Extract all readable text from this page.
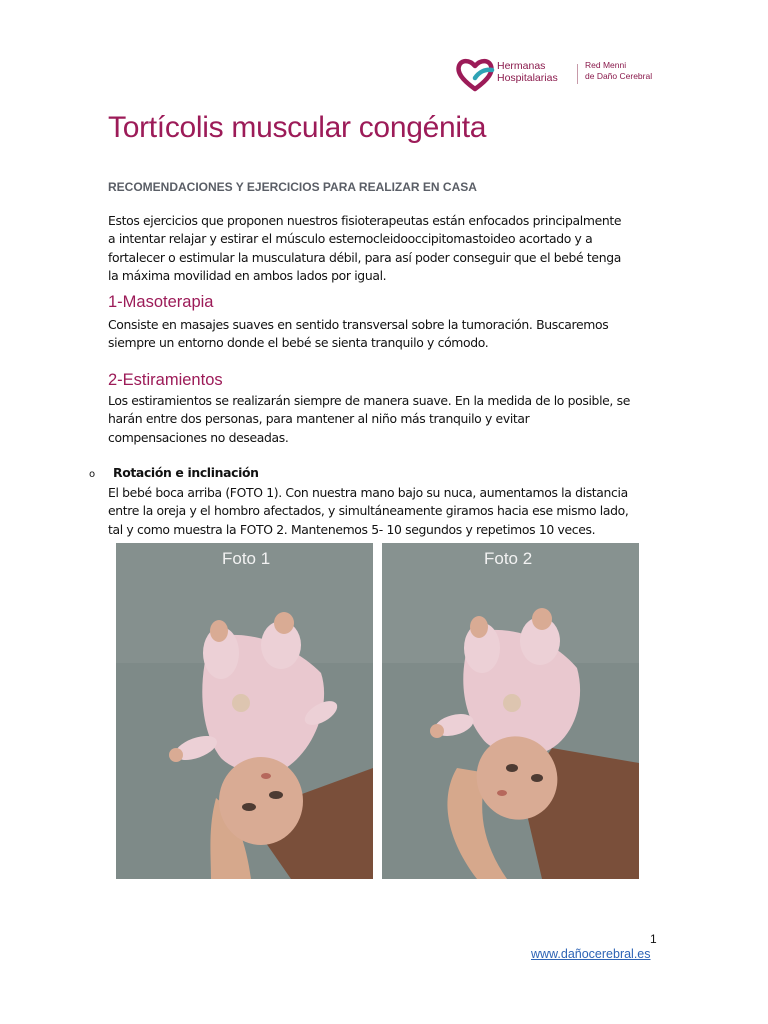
Hermanas
Hospitalarias
Red Menni
de Daño Cerebral
Tortícolis muscular congénita

RECOMENDACIONES Y EJERCICIOS PARA REALIZAR EN CASA

Estos ejercicios que proponen nuestros fisioterapeutas están enfocados principalmente
a intentar relajar y estirar el músculo esternocleidooccipitomastoideo acortado y a
fortalecer o estimular la musculatura débil, para así poder conseguir que el bebé tenga
la máxima movilidad en ambos lados por igual.

1-Masoterapia

Consiste en masajes suaves en sentido transversal sobre la tumoración. Buscaremos
siempre un entorno donde el bebé se sienta tranquilo y cómodo.

2-Estiramientos

Los estiramientos se realizarán siempre de manera suave. En la medida de lo posible, se
harán entre dos personas, para mantener al niño más tranquilo y evitar
compensaciones no deseadas.

o Rotación e inclinación

El bebé boca arriba (FOTO 1). Con nuestra mano bajo su nuca, aumentamos la distancia
entre la oreja y el hombro afectados, y simultáneamente giramos hacia ese mismo lado,
tal y como muestra la FOTO 2. Mantenemos 5- 10 segundos y repetimos 10 veces.

Foto 1	Foto 2
1
www.dañocerebral.es
